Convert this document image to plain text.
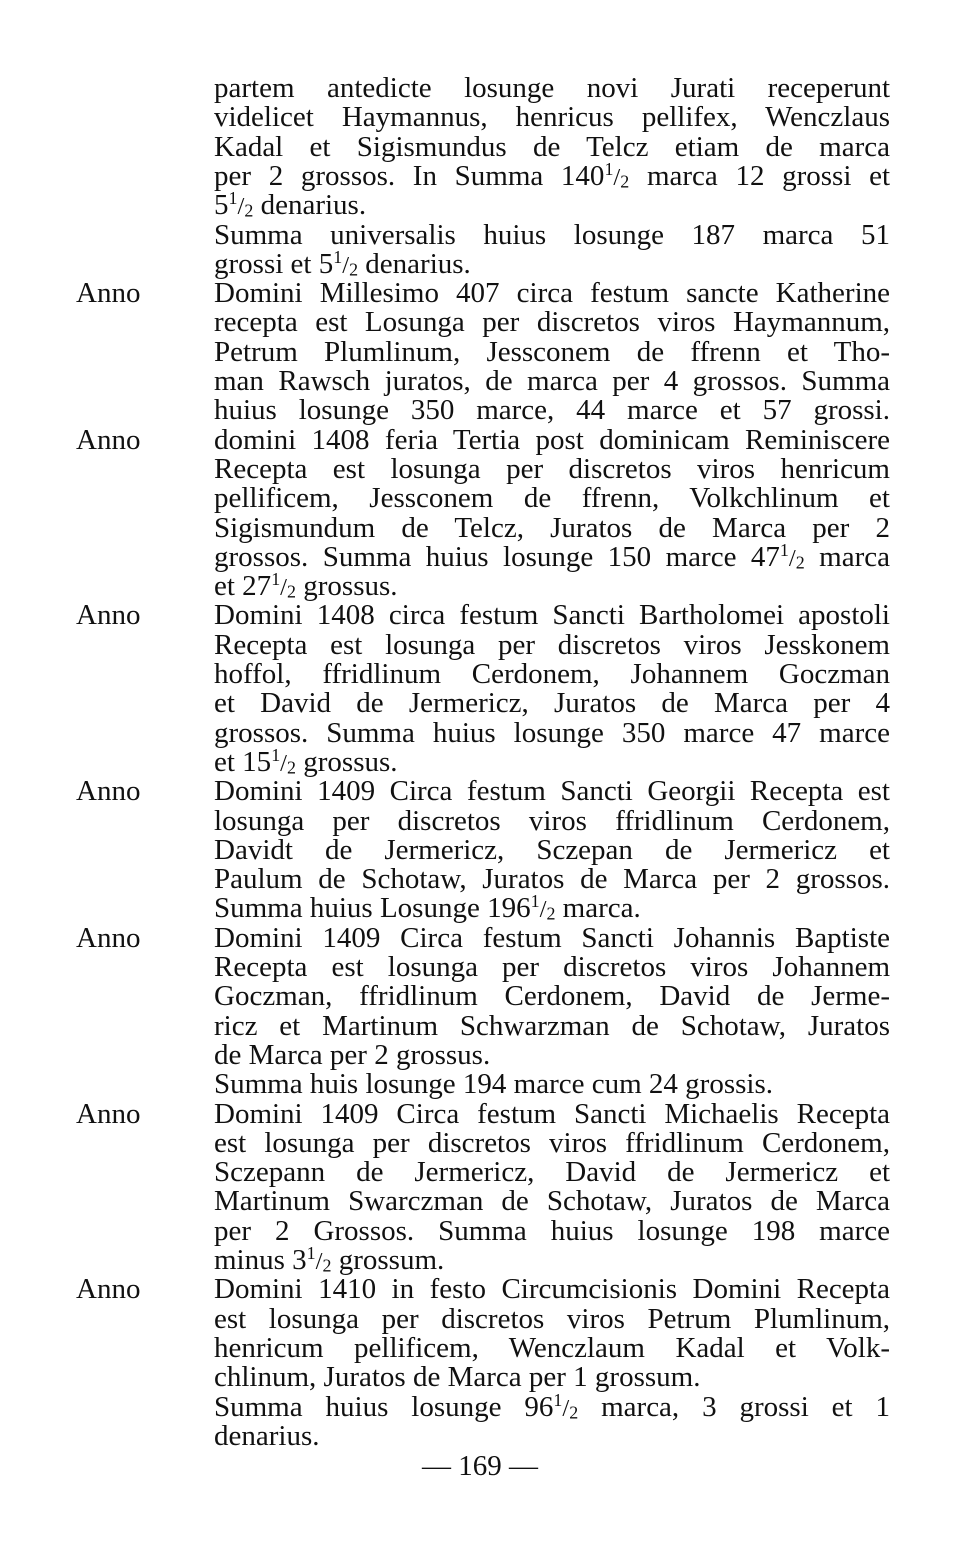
— 169 —
partem antedicte losunge novi Jurati receperunt
videlicet Haymannus, henricus pellifex, Wenczlaus
Kadal et Sigismundus de Telcz etiam de marca
per 2 grossos. In Summa $140^1/_2$ marca 12 grossi et
$5^1/_2$ denarius.
Summa universalis huius losunge 187 marca 51
grossi et $5^1/_2$ denarius.
Anno	Domini Millesimo 407 circa festum sancte Katherine
recepta est Losunga per discretos viros Haymannum,
Petrum Plumlinum, Jessconem de ffrenn et Tho-
man Rawsch juratos, de marca per 4 grossos. Summa
huius losunge 350 marce, 44 marce et 57 grossi.
Anno	domini 1408 feria Tertia post dominicam Reminiscere
Recepta est losunga per discretos viros henricum
pellificem, Jessconem de ffrenn, Volkchlinum et
Sigismundum de Telcz, Juratos de Marca per 2
grossos. Summa huius losunge 150 marce $47^1/_2$ marca
et $27^1/_2$ grossus.
Anno	Domini 1408 circa festum Sancti Bartholomei apostoli
Recepta est losunga per discretos viros Jesskonem
hoffol, ffridlinum Cerdonem, Johannem Goczman
et David de Jermericz, Juratos de Marca per 4
grossos. Summa huius losunge 350 marce 47 marce
et $15^1/_2$ grossus.
Anno	Domini 1409 Circa festum Sancti Georgii Recepta est
losunga per discretos viros ffridlinum Cerdonem,
Davidt de Jermericz, Sczepan de Jermericz et
Paulum de Schotaw, Juratos de Marca per 2 grossos.
Summa huius Losunge $196^1/_2$ marca.
Anno	Domini 1409 Circa festum Sancti Johannis Baptiste
Recepta est losunga per discretos viros Johannem
Goczman, ffridlinum Cerdonem, David de Jerme-
ricz et Martinum Schwarzman de Schotaw, Juratos
de Marca per 2 grossus.
Summa huis losunge 194 marce cum 24 grossis.
Anno	Domini 1409 Circa festum Sancti Michaelis Recepta
est losunga per discretos viros ffridlinum Cerdonem,
Sczepann de Jermericz, David de Jermericz et
Martinum Swarczman de Schotaw, Juratos de Marca
per 2 Grossos. Summa huius losunge 198 marce
minus $3^1/_2$ grossum.
Anno	Domini 1410 in festo Circumcisionis Domini Recepta
est losunga per discretos viros Petrum Plumlinum,
henricum pellificem, Wenczlaum Kadal et Volk-
chlinum, Juratos de Marca per 1 grossum.
Summa huius losunge $96^1/_2$ marca, 3 grossi et 1
denarius.
